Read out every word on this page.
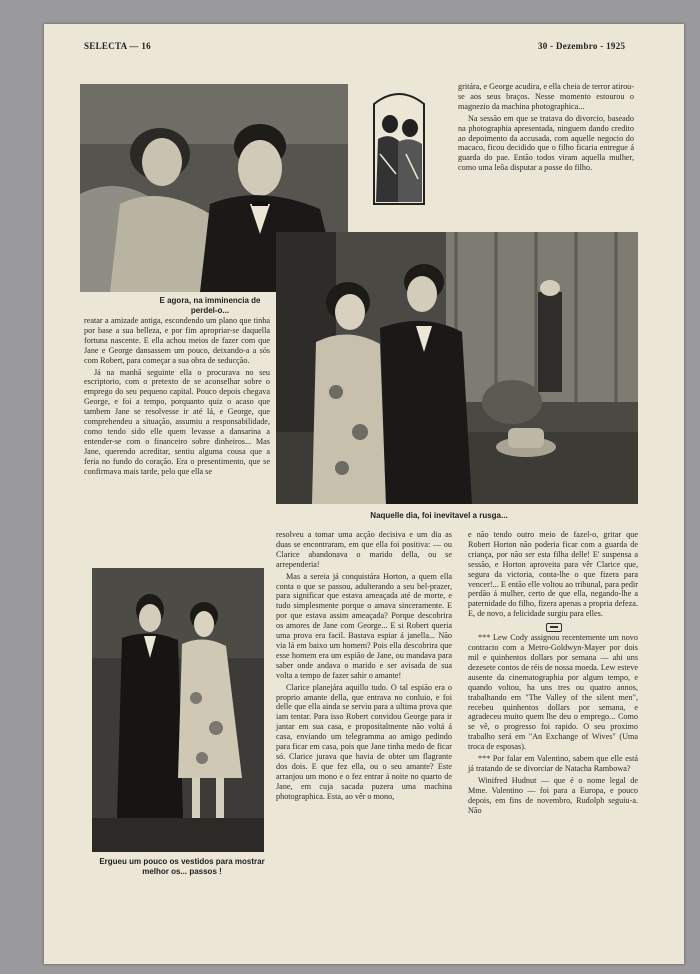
SELECTA — 16	30 - Dezembro - 1925
E agora, na imminencia de perdel-o...
Naquelle dia, foi inevitavel a rusga...
Ergueu um pouco os vestidos para mostrar melhor os... passos !

gritára, e George acudira, e ella cheia de terror atirou-se aos seus braços. Nesse momento estourou o magnezio da machina photographica...

Na sessão em que se tratava do divorcio, baseado na photographia apresentada, ninguem dando credito ao depoimento da accusada, com aquelle negocio do macaco, ficou decidido que o filho ficaria entregue á guarda do pae. Então todos viram aquella mulher, como uma leôa disputar a posse do filho.

reatar a amizade antiga, escondendo um plano que tinha por base a sua belleza, e por fim apropriar-se daquella fortuna nascente. E ella achou meios de fazer com que Jane e George dansassem um pouco, deixando-a a sós com Robert, para começar a sua obra de seducção.

Já na manhã seguinte ella o procurava no seu escriptorio, com o pretexto de se aconselhar sobre o emprego do seu pequeno capital. Pouco depois chegava George, e foi a tempo, porquanto quiz o acaso que tambem Jane se resolvesse ir até lá, e George, que comprehendeu a situação, assumiu a responsabilidade, como tendo sido elle quem levasse a dansarina a entender-se com o financeiro sobre dinheiros... Mas Jane, querendo acreditar, sentiu alguma cousa que a feria no fundo do coração. Era o presentimento, que se confirmava mais tarde, pelo que ella se

resolveu a tomar uma acção decisiva e um dia as duas se encontraram, em que ella foi positiva: — ou Clarice abandonava o marido della, ou se arrependeria!

Mas a sereia já conquistára Horton, a quem ella conta o que se passou, adulterando a seu bel-prazer, para significar que estava ameaçada até de morte, e tudo simplesmente porque o amava sinceramente. E por que estava assim ameaçada? Porque descobrira os amores de Jane com George... E si Robert queria uma prova era facil. Bastava espiar á janella... Não via lá em baixo um homem? Pois ella descobrira que esse homem era um espião de Jane, ou mandava para saber onde andava o marido e ser avisada de sua volta a tempo de fazer sahir o amante!

Clarice planejára aquillo tudo. O tal espião era o proprio amante della, que entrava no conluio, e foi delle que ella ainda se serviu para a ultima prova que iam tentar. Para isso Robert convidou George para ir jantar em sua casa, e propositalmente não voltá á casa, enviando um telegramma ao amigo pedindo para ficar em casa, pois que Jane tinha medo de ficar só. Clarice jurava que havia de obter um flagrante dos dois. E que fez ella, ou o seu amante? Este arranjou um mono e o fez entrar á noite no quarto de Jane, em cuja sacada puzera uma machina photographica. Esta, ao vêr o mono,

e não tendo outro meio de fazel-o, gritar que Robert Horton não poderia ficar com a guarda de criança, por não ser esta filha delle! E' suspensa a sessão, e Horton aproveita para vêr Clarice que, segura da victoria, conta-lhe o que fizera para vencer!... E então elle voltou ao tribunal, para pedir perdão á mulher, certo de que ella, negando-lhe a paternidade do filho, fizera apenas a propria defeza. E, de novo, a felicidade surgiu para elles.

*** Lew Cody assignou recentemente um novo contracto com a Metro-Goldwyn-Mayer por dois mil e quinhentos dollars por semana — ahi uns dezesete contos de réis de nossa moeda. Lew esteve ausente da cinematographia por algum tempo, e quando voltou, ha uns tres ou quatro annos, trabalhando em "The Valley of the silent men", recebeu quinhentos dollars por semana, e agradeceu muito quem lhe deu o emprego... Como se vê, o progresso foi rapido. O seu proximo trabalho será em "An Exchange of Wives" (Uma troca de esposas).

*** Por falar em Valentino, sabem que elle está já tratando de se divorciar de Natacha Rambowa?

Winifred Hudnut — que é o nome legal de Mme. Valentino — foi para a Europa, e pouco depois, em fins de novembro, Rudolph seguiu-a. Não
